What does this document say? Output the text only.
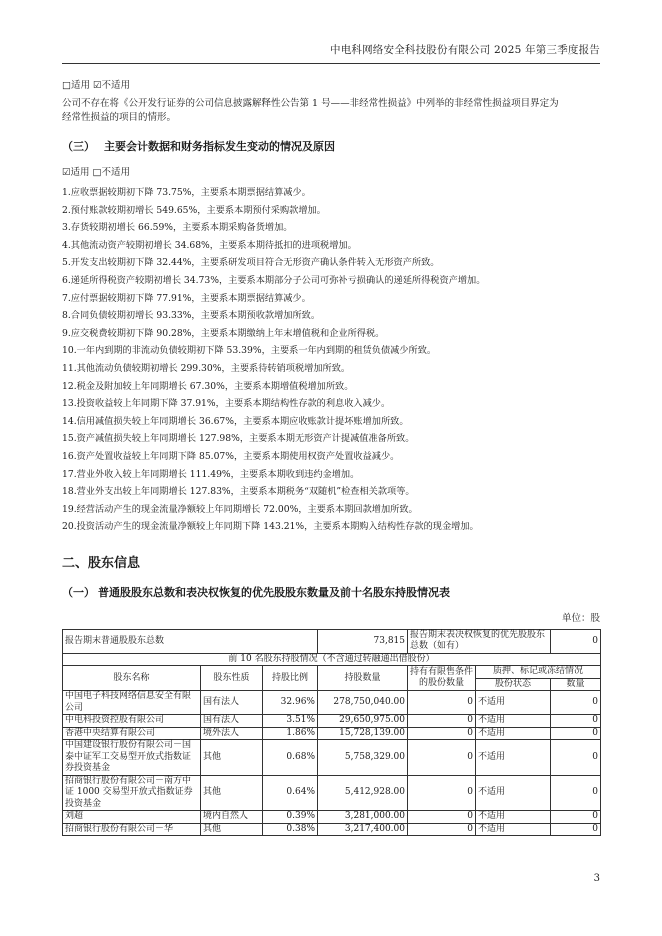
中电科网络安全科技股份有限公司 2025 年第三季度报告
□适用 ☑不适用
公司不存在将《公开发行证券的公司信息披露解释性公告第 1 号——非经常性损益》中列举的非经常性损益项目界定为
经常性损益的项目的情形。
（三） 主要会计数据和财务指标发生变动的情况及原因
☑适用 □不适用
1.应收票据较期初下降 73.75%，主要系本期票据结算减少。
2.预付账款较期初增长 549.65%，主要系本期预付采购款增加。
3.存货较期初增长 66.59%，主要系本期采购备货增加。
4.其他流动资产较期初增长 34.68%，主要系本期待抵扣的进项税增加。
5.开发支出较期初下降 32.44%，主要系研发项目符合无形资产确认条件转入无形资产所致。
6.递延所得税资产较期初增长 34.73%，主要系本期部分子公司可弥补亏损确认的递延所得税资产增加。
7.应付票据较期初下降 77.91%，主要系本期票据结算减少。
8.合同负债较期初增长 93.33%，主要系本期预收款增加所致。
9.应交税费较期初下降 90.28%，主要系本期缴纳上年末增值税和企业所得税。
10.一年内到期的非流动负债较期初下降 53.39%，主要系一年内到期的租赁负债减少所致。
11.其他流动负债较期初增长 299.30%，主要系待转销项税增加所致。
12.税金及附加较上年同期增长 67.30%，主要系本期增值税增加所致。
13.投资收益较上年同期下降 37.91%，主要系本期结构性存款的利息收入减少。
14.信用减值损失较上年同期增长 36.67%，主要系本期应收账款计提坏账增加所致。
15.资产减值损失较上年同期增长 127.98%，主要系本期无形资产计提减值准备所致。
16.资产处置收益较上年同期下降 85.07%，主要系本期使用权资产处置收益减少。
17.营业外收入较上年同期增长 111.49%，主要系本期收到违约金增加。
18.营业外支出较上年同期增长 127.83%，主要系本期税务“双随机”检查相关款项等。
19.经营活动产生的现金流量净额较上年同期增长 72.00%，主要系本期回款增加所致。
20.投资活动产生的现金流量净额较上年同期下降 143.21%，主要系本期购入结构性存款的现金增加。
二、股东信息
（一） 普通股股东总数和表决权恢复的优先股股东数量及前十名股东持股情况表
单位：股
报告期末普通股股东总数			73,815	报告期末表决权恢复的优先股股东总数（如有）		0
前 10 名股东持股情况（不含通过转融通出借股份）						
股东名称	股东性质	持股比例	持股数量	持有有限售条件的股份数量	质押、标记或冻结情况	
					股份状态	数量
中国电子科技网络信息安全有限公司	国有法人	32.96%	278,750,040.00	0	不适用	0
中电科投资控股有限公司	国有法人	3.51%	29,650,975.00	0	不适用	0
香港中央结算有限公司	境外法人	1.86%	15,728,139.00	0	不适用	0
中国建设银行股份有限公司－国泰中证军工交易型开放式指数证券投资基金	其他	0.68%	5,758,329.00	0	不适用	0
招商银行股份有限公司－南方中证 1000 交易型开放式指数证券投资基金	其他	0.64%	5,412,928.00	0	不适用	0
刘超	境内自然人	0.39%	3,281,000.00	0	不适用	0
招商银行股份有限公司－华	其他	0.38%	3,217,400.00	0	不适用	0
3
